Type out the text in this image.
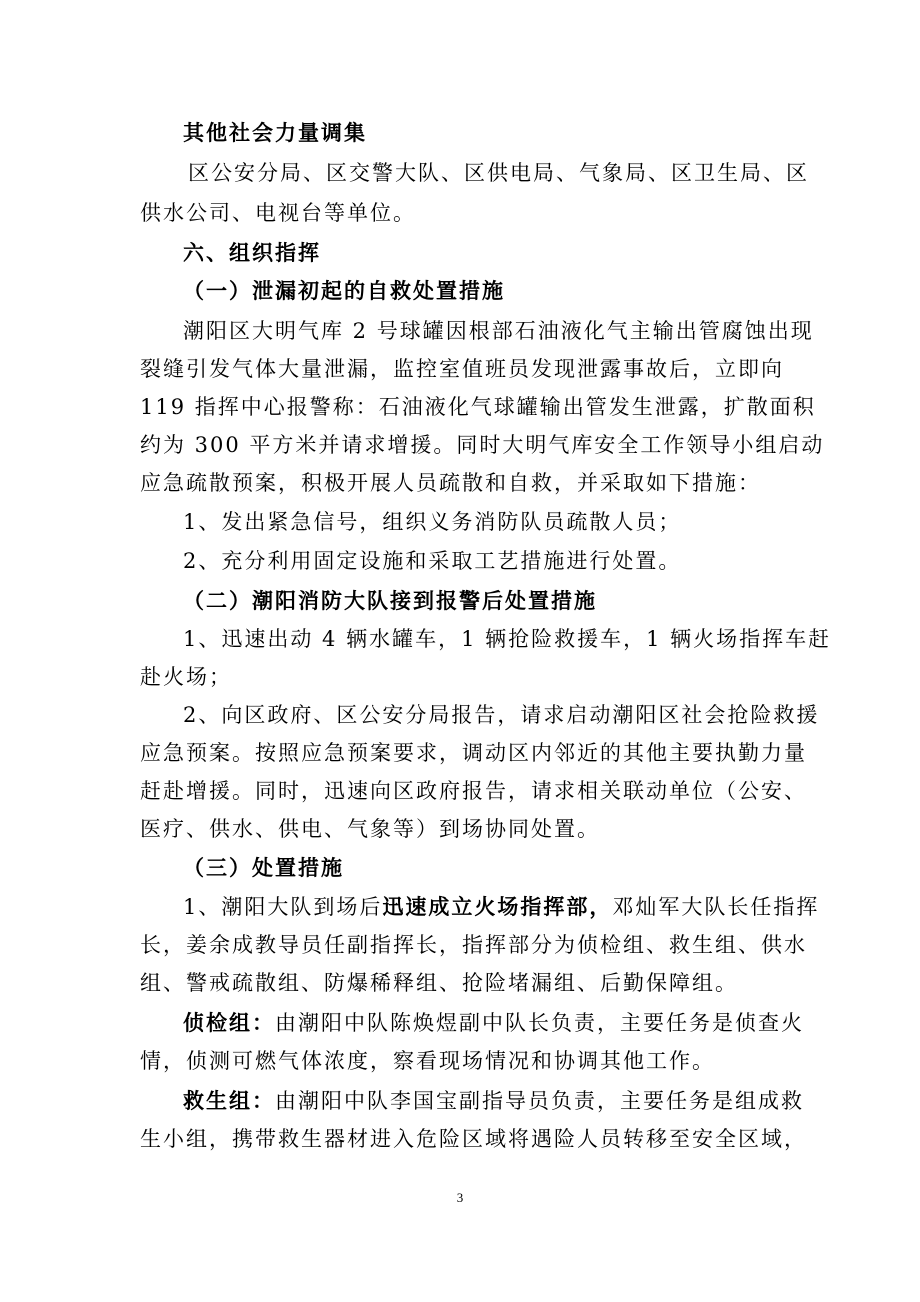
其他社会力量调集
区公安分局、区交警大队、区供电局、气象局、区卫生局、区
供水公司、电视台等单位。
六、组织指挥
（一）泄漏初起的自救处置措施
潮阳区大明气库 2 号球罐因根部石油液化气主输出管腐蚀出现
裂缝引发气体大量泄漏，监控室值班员发现泄露事故后，立即向
119 指挥中心报警称：石油液化气球罐输出管发生泄露，扩散面积
约为 300 平方米并请求增援。同时大明气库安全工作领导小组启动
应急疏散预案，积极开展人员疏散和自救，并采取如下措施：
1、发出紧急信号，组织义务消防队员疏散人员；
2、充分利用固定设施和采取工艺措施进行处置。
（二）潮阳消防大队接到报警后处置措施
1、迅速出动 4 辆水罐车，1 辆抢险救援车，1 辆火场指挥车赶
赴火场；
2、向区政府、区公安分局报告，请求启动潮阳区社会抢险救援
应急预案。按照应急预案要求，调动区内邻近的其他主要执勤力量
赶赴增援。同时，迅速向区政府报告，请求相关联动单位（公安、
医疗、供水、供电、气象等）到场协同处置。
（三）处置措施
1、潮阳大队到场后迅速成立火场指挥部，邓灿军大队长任指挥
长，姜余成教导员任副指挥长，指挥部分为侦检组、救生组、供水
组、警戒疏散组、防爆稀释组、抢险堵漏组、后勤保障组。
侦检组：由潮阳中队陈焕煜副中队长负责，主要任务是侦查火
情，侦测可燃气体浓度，察看现场情况和协调其他工作。
救生组：由潮阳中队李国宝副指导员负责，主要任务是组成救
生小组，携带救生器材进入危险区域将遇险人员转移至安全区域，
3
